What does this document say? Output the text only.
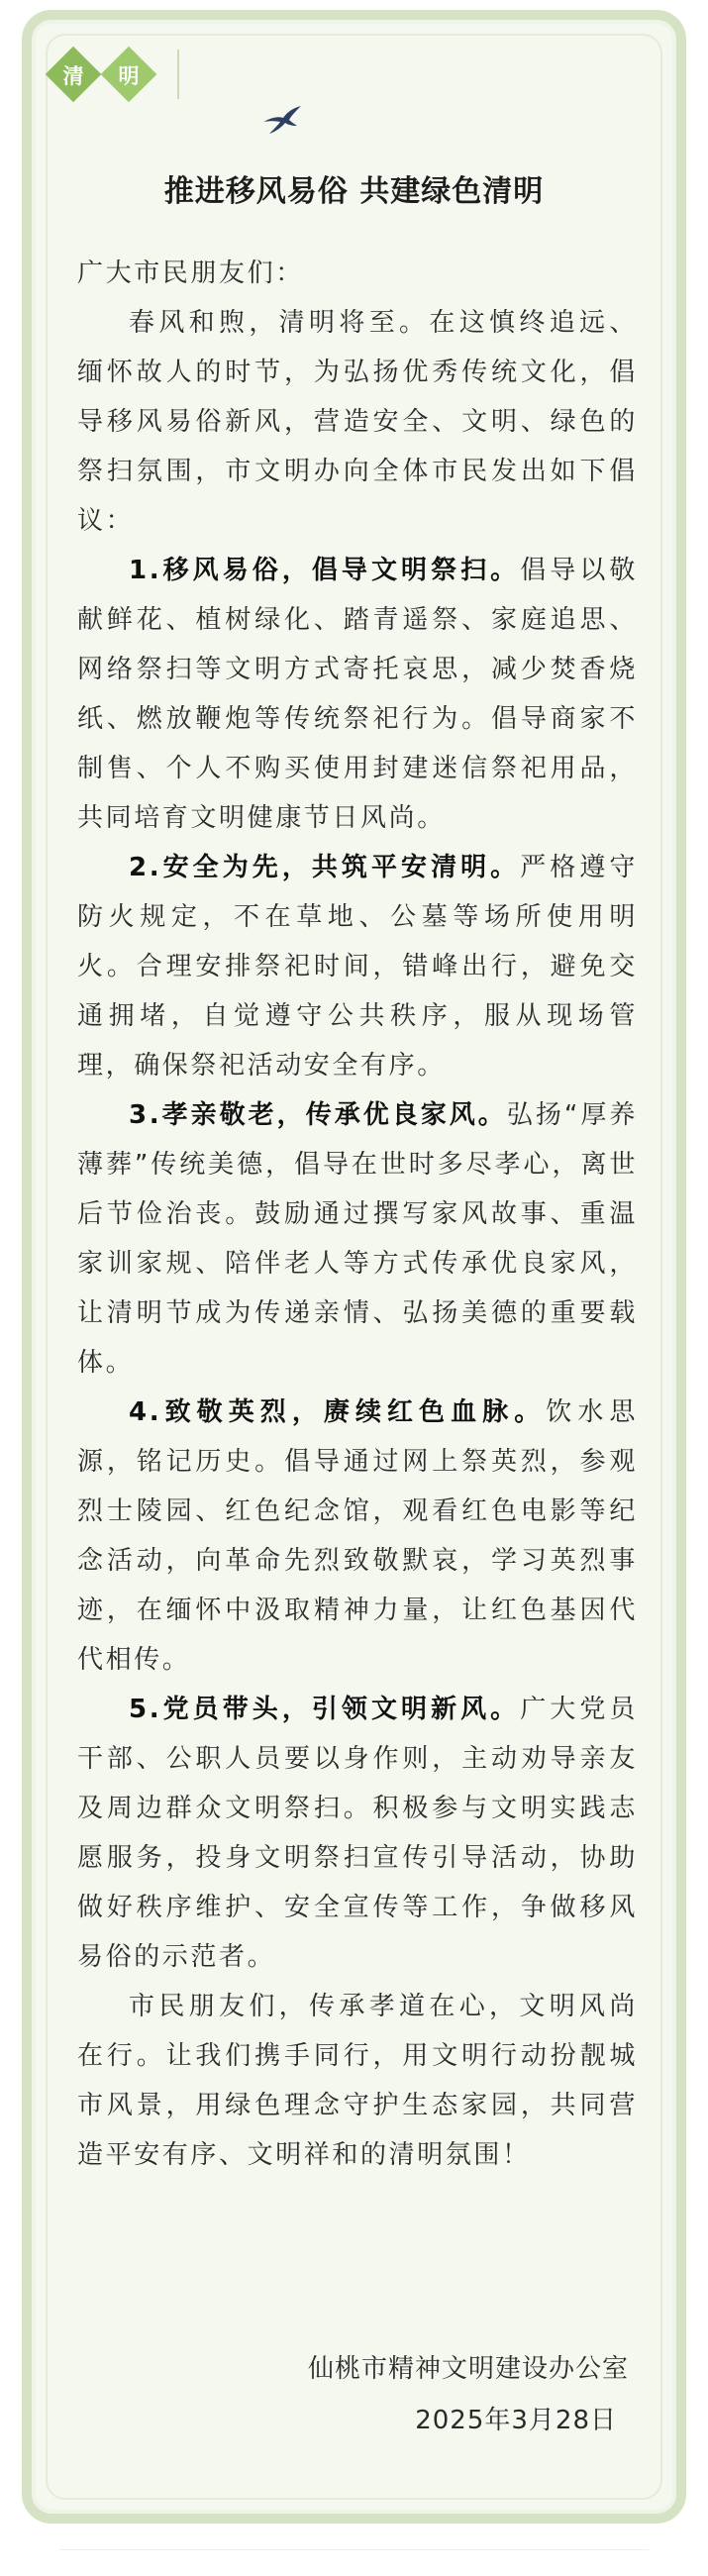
清	明
推进移风易俗 共建绿色清明

广大市民朋友们：

春风和煦，清明将至。在这慎终追远、缅怀故人的时节，为弘扬优秀传统文化，倡导移风易俗新风，营造安全、文明、绿色的祭扫氛围，市文明办向全体市民发出如下倡议：

1.移风易俗，倡导文明祭扫。倡导以敬献鲜花、植树绿化、踏青遥祭、家庭追思、网络祭扫等文明方式寄托哀思，减少焚香烧纸、燃放鞭炮等传统祭祀行为。倡导商家不制售、个人不购买使用封建迷信祭祀用品，共同培育文明健康节日风尚。

2.安全为先，共筑平安清明。严格遵守防火规定，不在草地、公墓等场所使用明火。合理安排祭祀时间，错峰出行，避免交通拥堵，自觉遵守公共秩序，服从现场管理，确保祭祀活动安全有序。

3.孝亲敬老，传承优良家风。弘扬“厚养薄葬”传统美德，倡导在世时多尽孝心，离世后节俭治丧。鼓励通过撰写家风故事、重温家训家规、陪伴老人等方式传承优良家风，让清明节成为传递亲情、弘扬美德的重要载体。

4.致敬英烈，赓续红色血脉。饮水思源，铭记历史。倡导通过网上祭英烈，参观烈士陵园、红色纪念馆，观看红色电影等纪念活动，向革命先烈致敬默哀，学习英烈事迹，在缅怀中汲取精神力量，让红色基因代代相传。

5.党员带头，引领文明新风。广大党员干部、公职人员要以身作则，主动劝导亲友及周边群众文明祭扫。积极参与文明实践志愿服务，投身文明祭扫宣传引导活动，协助做好秩序维护、安全宣传等工作，争做移风易俗的示范者。

市民朋友们，传承孝道在心，文明风尚在行。让我们携手同行，用文明行动扮靓城市风景，用绿色理念守护生态家园，共同营造平安有序、文明祥和的清明氛围！

仙桃市精神文明建设办公室
2025年3月28日
